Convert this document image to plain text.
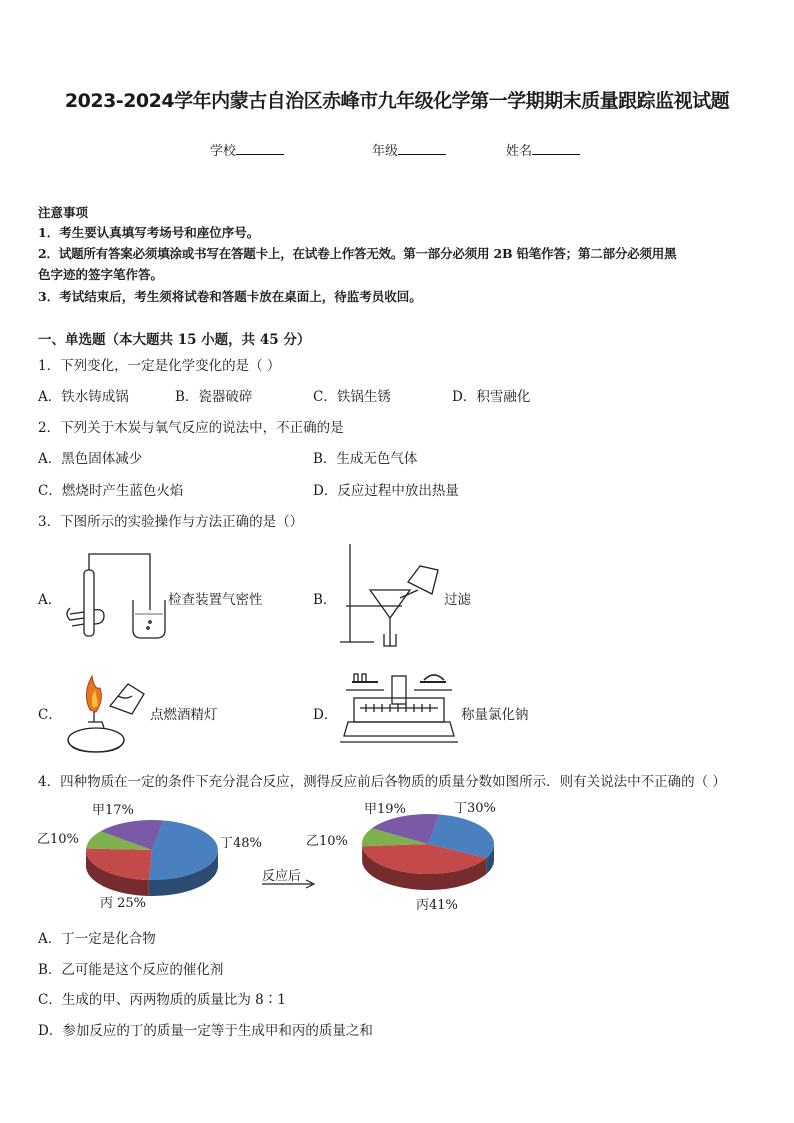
2023-2024学年内蒙古自治区赤峰市九年级化学第一学期期末质量跟踪监视试题
学校	年级	姓名
注意事项
1．考生要认真填写考场号和座位序号。
2．试题所有答案必须填涂或书写在答题卡上，在试卷上作答无效。第一部分必须用 2B 铅笔作答；第二部分必须用黑
色字迹的签字笔作答。
3．考试结束后，考生须将试卷和答题卡放在桌面上，待监考员收回。
一、单选题（本大题共 15 小题，共 45 分）
1．下列变化，一定是化学变化的是（ ）
A．铁水铸成锅	B．瓷器破碎	C．铁锅生锈	D．积雪融化
2．下列关于木炭与氧气反应的说法中，不正确的是
A．黑色固体减少	B．生成无色气体
C．燃烧时产生蓝色火焰	D．反应过程中放出热量
3．下图所示的实验操作与方法正确的是（）
A．	检查装置气密性	B．	过滤
C．	点燃酒精灯	D．	称量氯化钠
4．四种物质在一定的条件下充分混合反应，测得反应前后各物质的质量分数如图所示．则有关说法中不正确的（ ）
反应后
甲17%
乙10%	丁48%
丙 25%
甲19%	丁30%
乙10%
丙41%
A．丁一定是化合物
B．乙可能是这个反应的催化剂
C．生成的甲、丙两物质的质量比为 8∶1
D．参加反应的丁的质量一定等于生成甲和丙的质量之和
